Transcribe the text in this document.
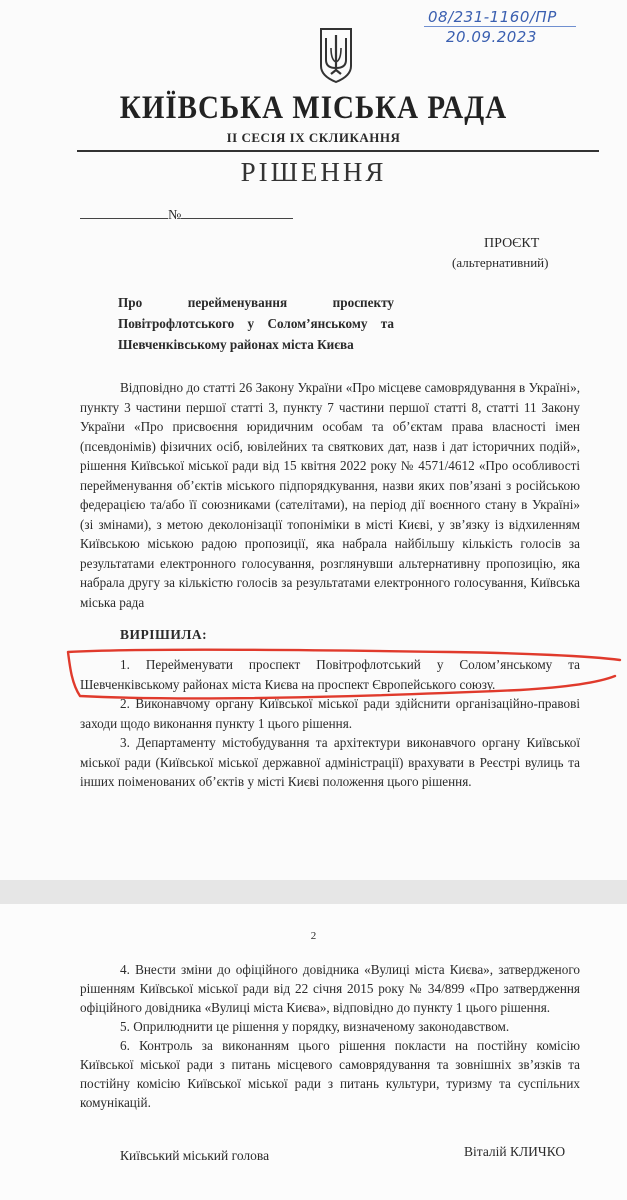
08/231-1160/ПР
20.09.2023
КИЇВСЬКА МІСЬКА РАДА
ІІ СЕСІЯ ІХ СКЛИКАННЯ
РІШЕННЯ
№
ПРОЄКТ
(альтернативний)
Про перейменування проспекту Повітрофлотського у Солом’янському та Шевченківському районах міста Києва

Відповідно до статті 26 Закону України «Про місцеве самоврядування в Україні», пункту 3 частини першої статті 3, пункту 7 частини першої статті 8, статті 11 Закону України «Про присвоєння юридичним особам та об’єктам права власності імен (псевдонімів) фізичних осіб, ювілейних та святкових дат, назв і дат історичних подій», рішення Київської міської ради від 15 квітня 2022 року № 4571/4612 «Про особливості перейменування об’єктів міського підпорядкування, назви яких пов’язані з російською федерацією та/або її союзниками (сателітами), на період дії воєнного стану в Україні» (зі змінами), з метою деколонізації топоніміки в місті Києві, у зв’язку із відхиленням Київською міською радою пропозиції, яка набрала найбільшу кількість голосів за результатами електронного голосування, розглянувши альтернативну пропозицію, яка набрала другу за кількістю голосів за результатами електронного голосування, Київська міська рада

ВИРІШИЛА:

1. Перейменувати проспект Повітрофлотський у Солом’янському та Шевченківському районах міста Києва на проспект Європейського союзу.

2. Виконавчому органу Київської міської ради здійснити організаційно-правові заходи щодо виконання пункту 1 цього рішення.

3. Департаменту містобудування та архітектури виконавчого органу Київської міської ради (Київської міської державної адміністрації) врахувати в Реєстрі вулиць та інших поіменованих об’єктів у місті Києві положення цього рішення.

2

4. Внести зміни до офіційного довідника «Вулиці міста Києва», затвердженого рішенням Київської міської ради від 22 січня 2015 року № 34/899 «Про затвердження офіційного довідника «Вулиці міста Києва», відповідно до пункту 1 цього рішення.

5. Оприлюднити це рішення у порядку, визначеному законодавством.

6. Контроль за виконанням цього рішення покласти на постійну комісію Київської міської ради з питань місцевого самоврядування та зовнішніх зв’язків та постійну комісію Київської міської ради з питань культури, туризму та суспільних комунікацій.

Київський міський голова	Віталій КЛИЧКО
